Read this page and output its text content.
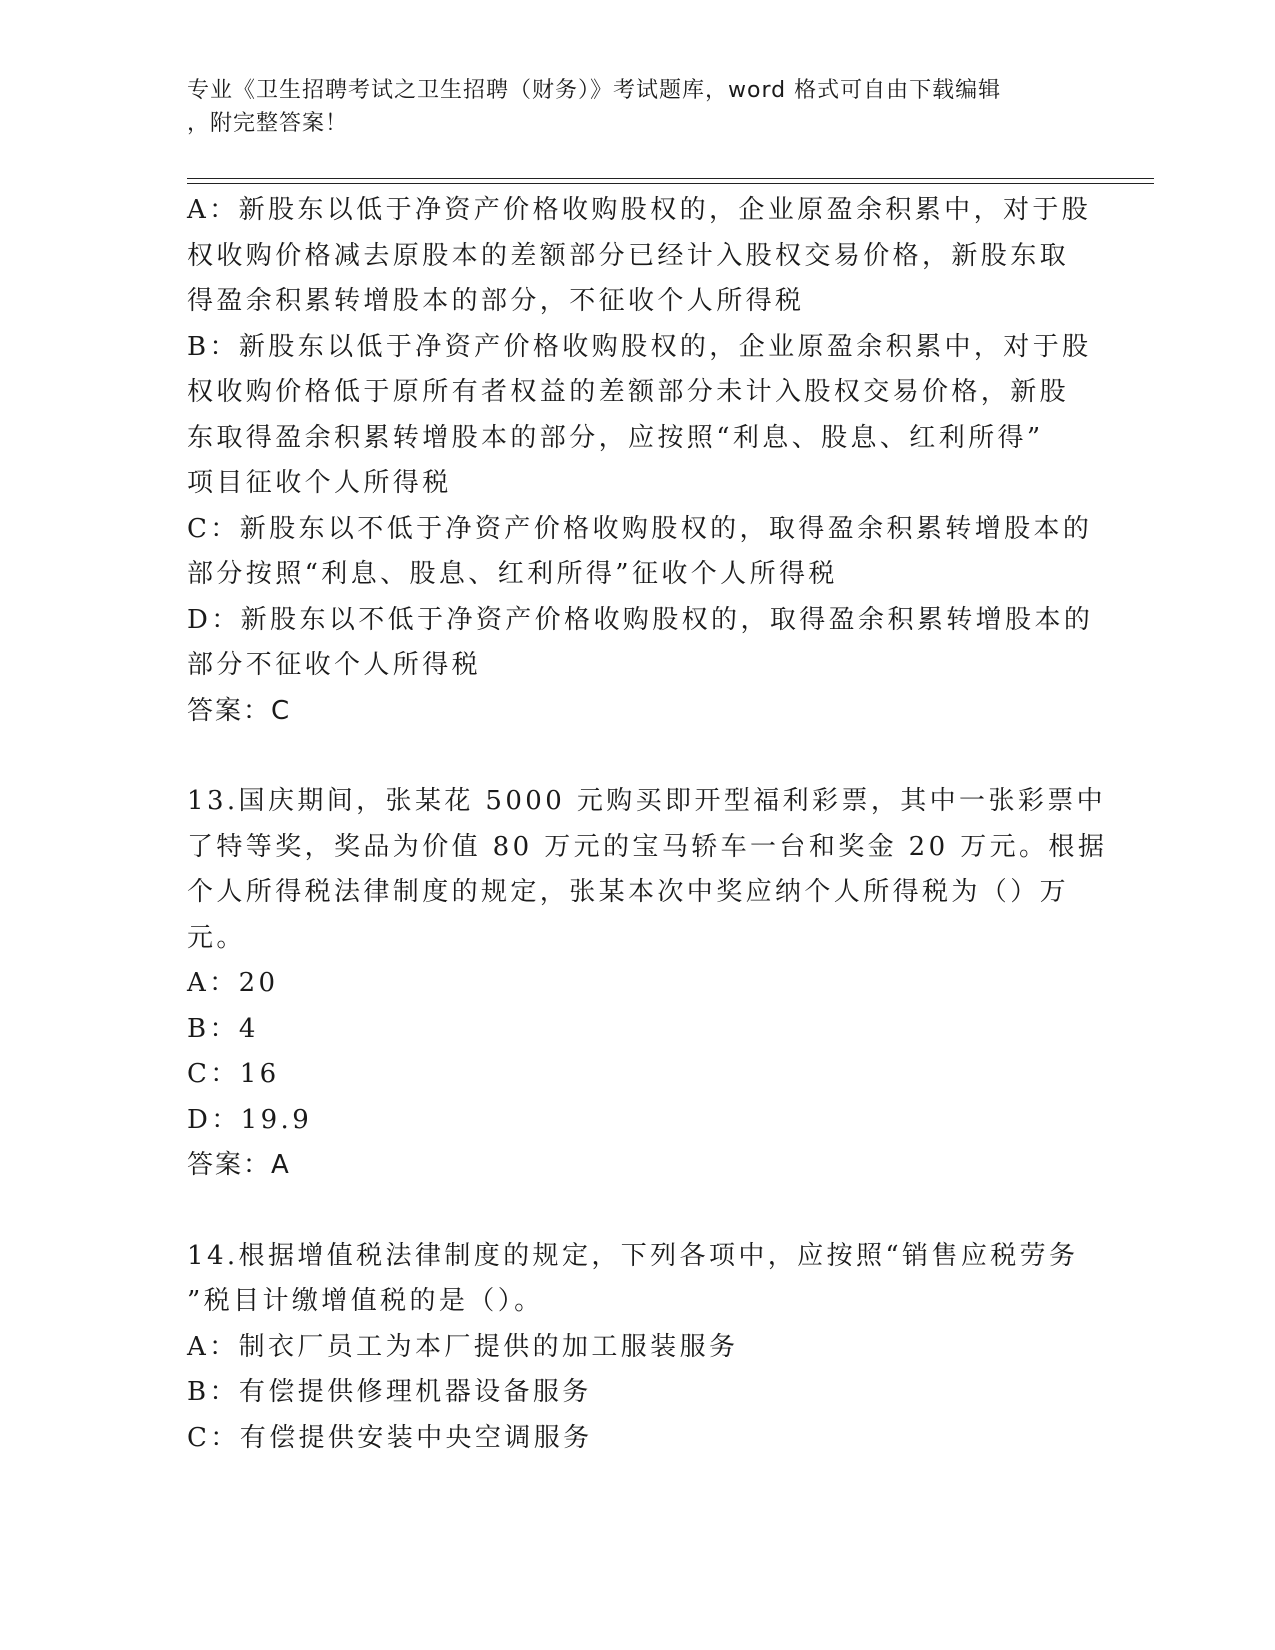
专业《卫生招聘考试之卫生招聘（财务）》考试题库，word 格式可自由下载编辑

，附完整答案！

A：新股东以低于净资产价格收购股权的，企业原盈余积累中，对于股

权收购价格减去原股本的差额部分已经计入股权交易价格，新股东取

得盈余积累转增股本的部分，不征收个人所得税

B：新股东以低于净资产价格收购股权的，企业原盈余积累中，对于股

权收购价格低于原所有者权益的差额部分未计入股权交易价格，新股

东取得盈余积累转增股本的部分，应按照“利息、股息、红利所得”

项目征收个人所得税

C：新股东以不低于净资产价格收购股权的，取得盈余积累转增股本的

部分按照“利息、股息、红利所得”征收个人所得税

D：新股东以不低于净资产价格收购股权的，取得盈余积累转增股本的

部分不征收个人所得税

答案：C

13.国庆期间，张某花 5000 元购买即开型福利彩票，其中一张彩票中

了特等奖，奖品为价值 80 万元的宝马轿车一台和奖金 20 万元。根据

个人所得税法律制度的规定，张某本次中奖应纳个人所得税为（）万

元。

A：20

B：4

C：16

D：19.9

答案：A

14.根据增值税法律制度的规定，下列各项中，应按照“销售应税劳务

”税目计缴增值税的是（）。

A：制衣厂员工为本厂提供的加工服装服务

B：有偿提供修理机器设备服务

C：有偿提供安装中央空调服务
